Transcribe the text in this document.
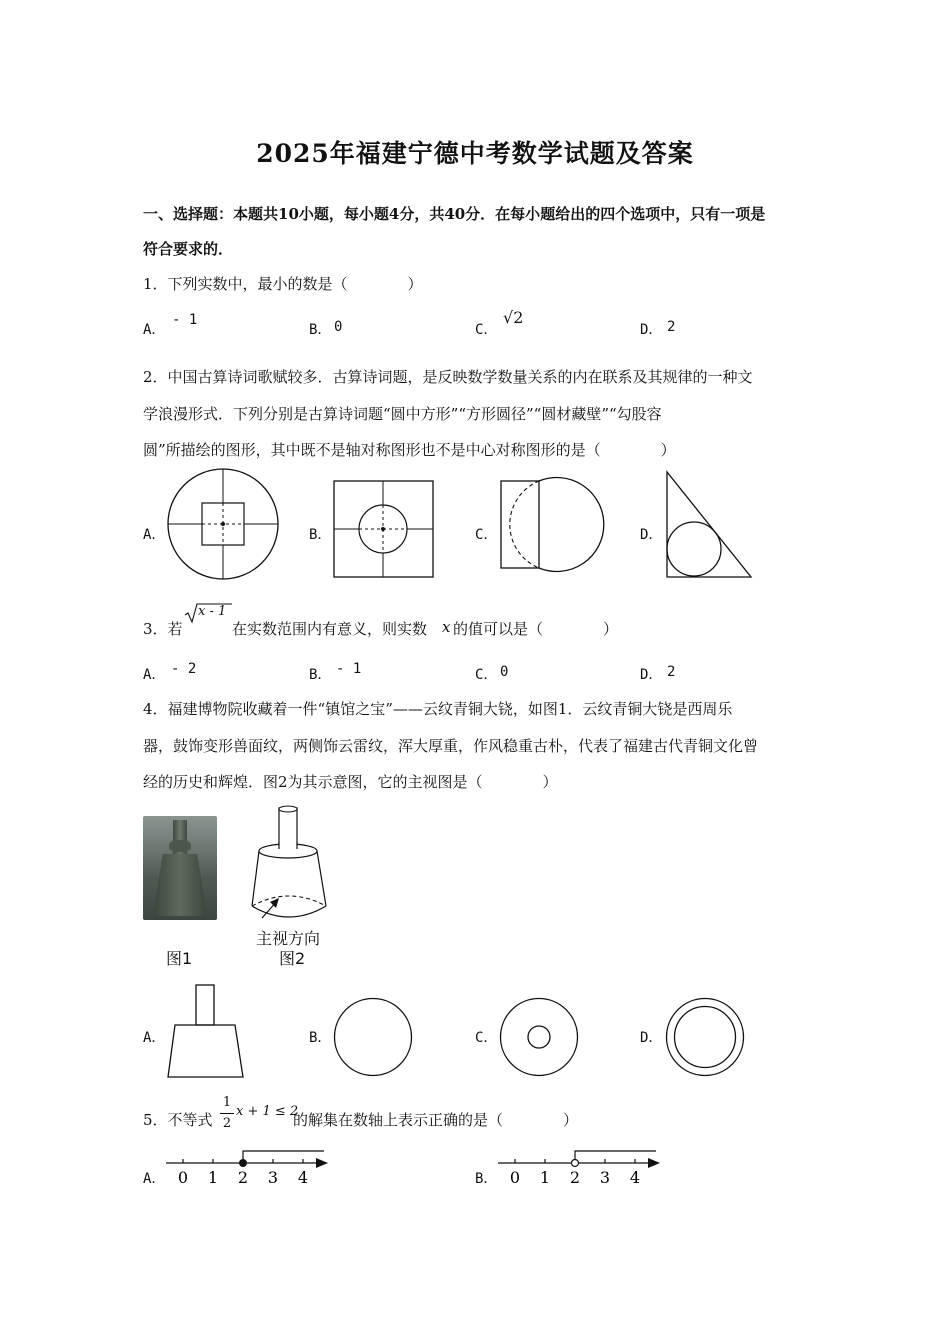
2025年福建宁德中考数学试题及答案
一、选择题：本题共10小题，每小题4分，共40分．在每小题给出的四个选项中，只有一项是
符合要求的．
1．下列实数中，最小的数是（　　　　）
A．
- 1
B． 0	C．
√2
D． 2
2．中国古算诗词歌赋较多．古算诗词题，是反映数学数量关系的内在联系及其规律的一种文
学浪漫形式．下列分别是古算诗词题“圆中方形”“方形圆径”“圆材藏壁”“勾股容
圆”所描绘的图形，其中既不是轴对称图形也不是中心对称图形的是（　　　　）
A．	B．	C．	D．
3．若
x - 1
在实数范围内有意义，则实数 x 的值可以是（　　　　）
A． - 2	B． - 1	C． 0	D． 2
4．福建博物院收藏着一件“镇馆之宝”——云纹青铜大铙，如图1．云纹青铜大铙是西周乐
器，鼓饰变形兽面纹，两侧饰云雷纹，浑大厚重，作风稳重古朴，代表了福建古代青铜文化曾
经的历史和辉煌．图2为其示意图，它的主视图是（　　　　）
图1
主视方向
图2
A．	B．	C．	D．
5．不等式
1
2
x + 1 ≤ 2
的解集在数轴上表示正确的是（　　　　）
A． 0 1 2 3 4	B． 0 1 2 3 4
